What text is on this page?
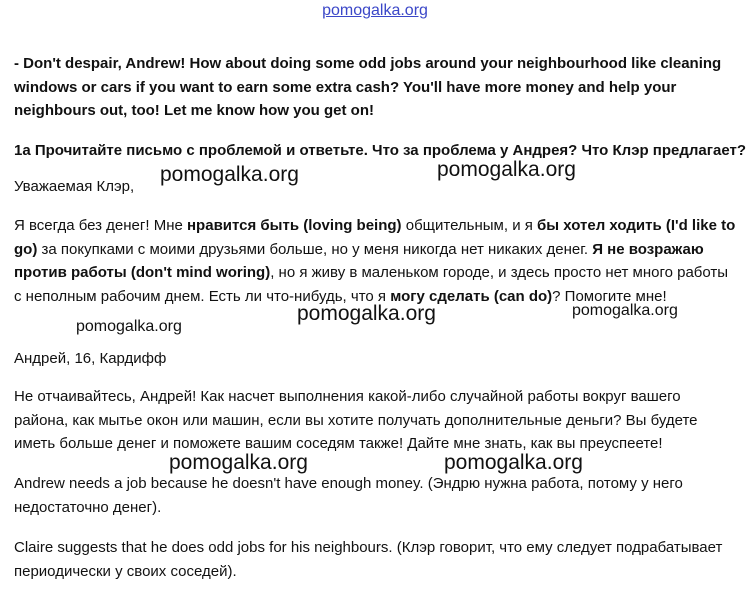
pomogalka.org

- Don't despair, Andrew! How about doing some odd jobs around your neighbourhood like cleaning windows or cars if you want to earn some extra cash? You'll have more money and help your neighbours out, too! Let me know how you get on!

1a Прочитайте письмо с проблемой и ответьте. Что за проблема у Андрея? Что Клэр предлагает?

Уважаемая Клэр,

Я всегда без денег! Мне нравится быть (loving being) общительным, и я бы хотел ходить (I'd like to go) за покупками с моими друзьями больше, но у меня никогда нет никаких денег. Я не возражаю против работы (don't mind woring), но я живу в маленьком городе, и здесь просто нет много работы с неполным рабочим днем. Есть ли что-нибудь, что я могу сделать (can do)? Помогите мне!

Андрей, 16, Кардифф

Не отчаивайтесь, Андрей! Как насчет выполнения какой-либо случайной работы вокруг вашего района, как мытье окон или машин, если вы хотите получать дополнительные деньги? Вы будете иметь больше денег и поможете вашим соседям также! Дайте мне знать, как вы преуспеете!

Andrew needs a job because he doesn't have enough money. (Эндрю нужна работа, потому у него недостаточно денег).

Claire suggests that he does odd jobs for his neighbours. (Клэр говорит, что ему следует подрабатывает периодически у своих соседей).

pomogalka.org	pomogalka.org
pomogalka.org
pomogalka.org	pomogalka.org
pomogalka.org	pomogalka.org
